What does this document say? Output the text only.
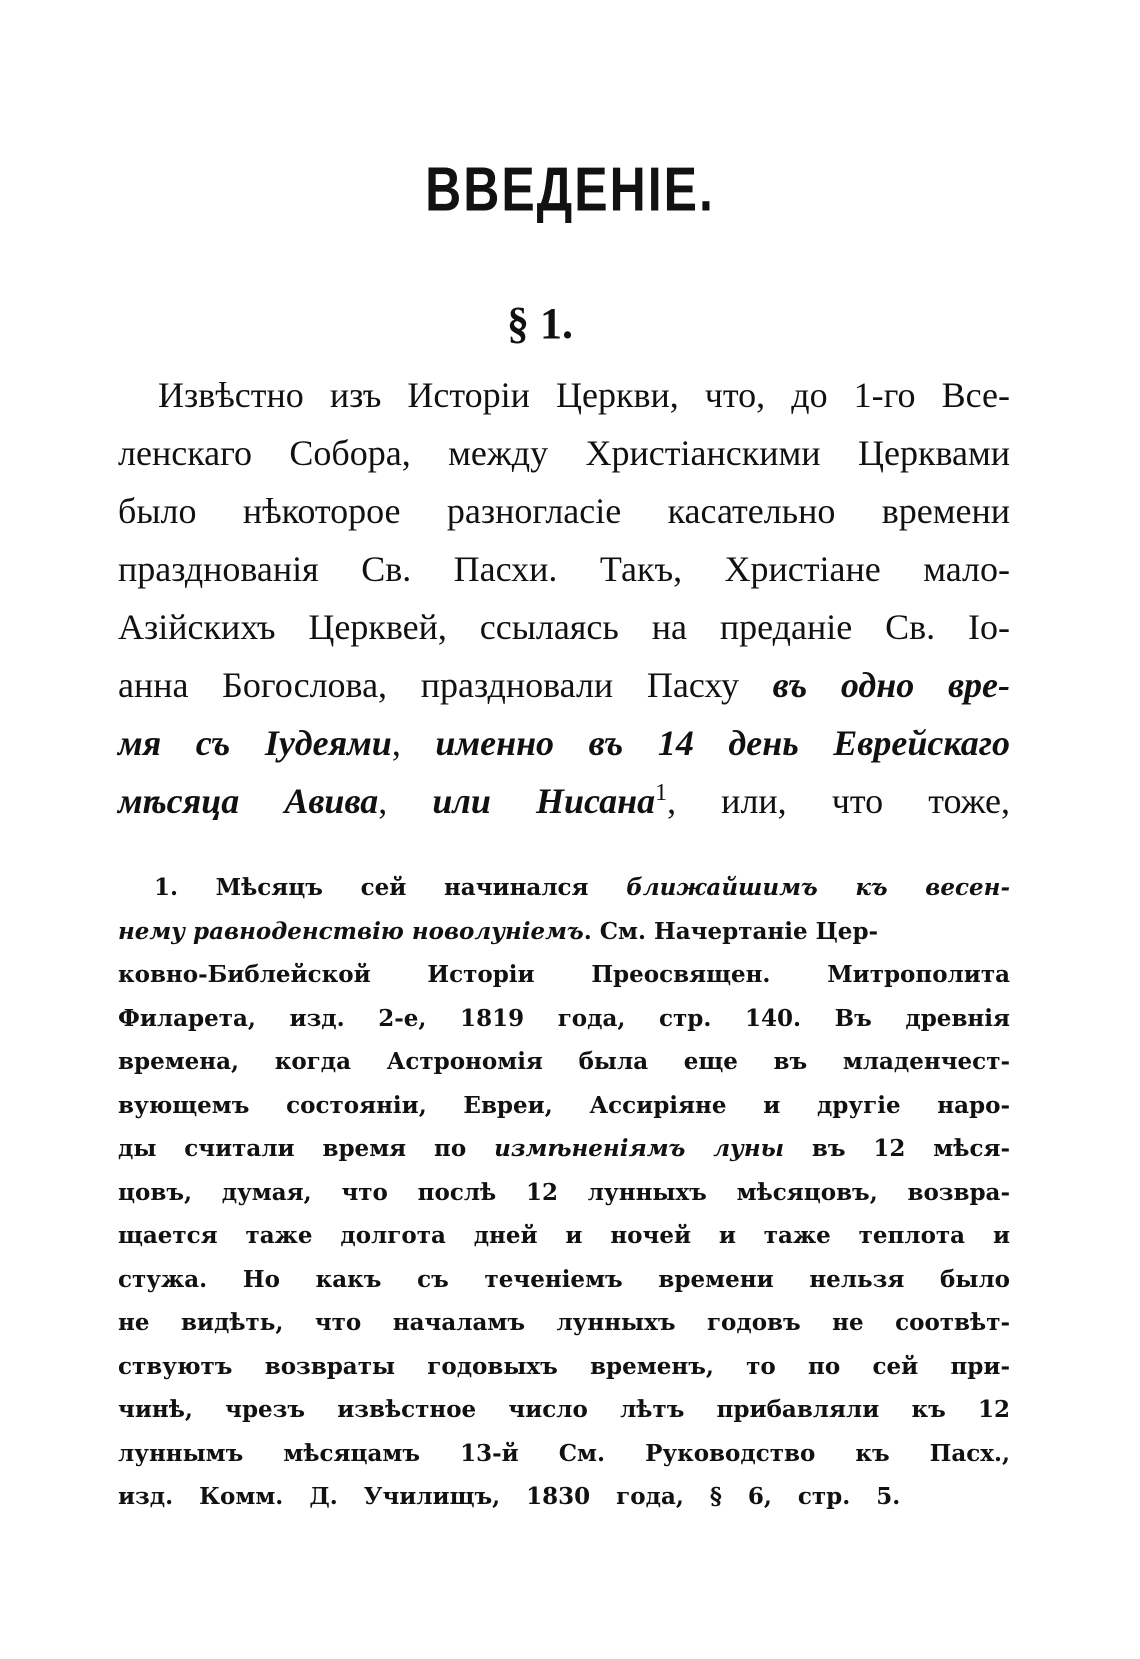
ВВЕДЕНІЕ.
§ 1.
Извѣстно изъ Исторіи Церкви, что, до 1-го Все-
ленскаго Собора, между Христіанскими Церквами
было нѣкоторое разногласіе касательно времени
празднованія Св. Пасхи. Такъ, Христіане мало-
Азійскихъ Церквей, ссылаясь на преданіе Св. Іо-
анна Богослова, праздновали Пасху въ одно вре-
мя съ Іудеями, именно въ 14 день Еврейскаго
мѣсяца Авива, или Нисана$^1$, или, что тоже,
1. Мѣсяцъ сей начинался ближайшимъ къ весен-
нему равноденствію новолуніемъ. См. Начертаніе Цер-
ковно-Библейской Исторіи Преосвящен. Митрополита
Филарета, изд. 2-е, 1819 года, стр. 140. Въ древнія
времена, когда Астрономія была еще въ младенчест-
вующемъ состояніи, Евреи, Ассиріяне и другіе наро-
ды считали время по измѣненіямъ луны въ 12 мѣся-
цовъ, думая, что послѣ 12 лунныхъ мѣсяцовъ, возвра-
щается таже долгота дней и ночей и таже теплота и
стужа. Но какъ съ теченіемъ времени нельзя было
не видѣть, что началамъ лунныхъ годовъ не соотвѣт-
ствуютъ возвраты годовыхъ временъ, то по сей при-
чинѣ, чрезъ извѣстное число лѣтъ прибавляли къ 12
луннымъ мѣсяцамъ 13-й См. Руководство къ Пасх.,
изд. Комм. Д. Училищъ, 1830 года, § 6, стр. 5.
